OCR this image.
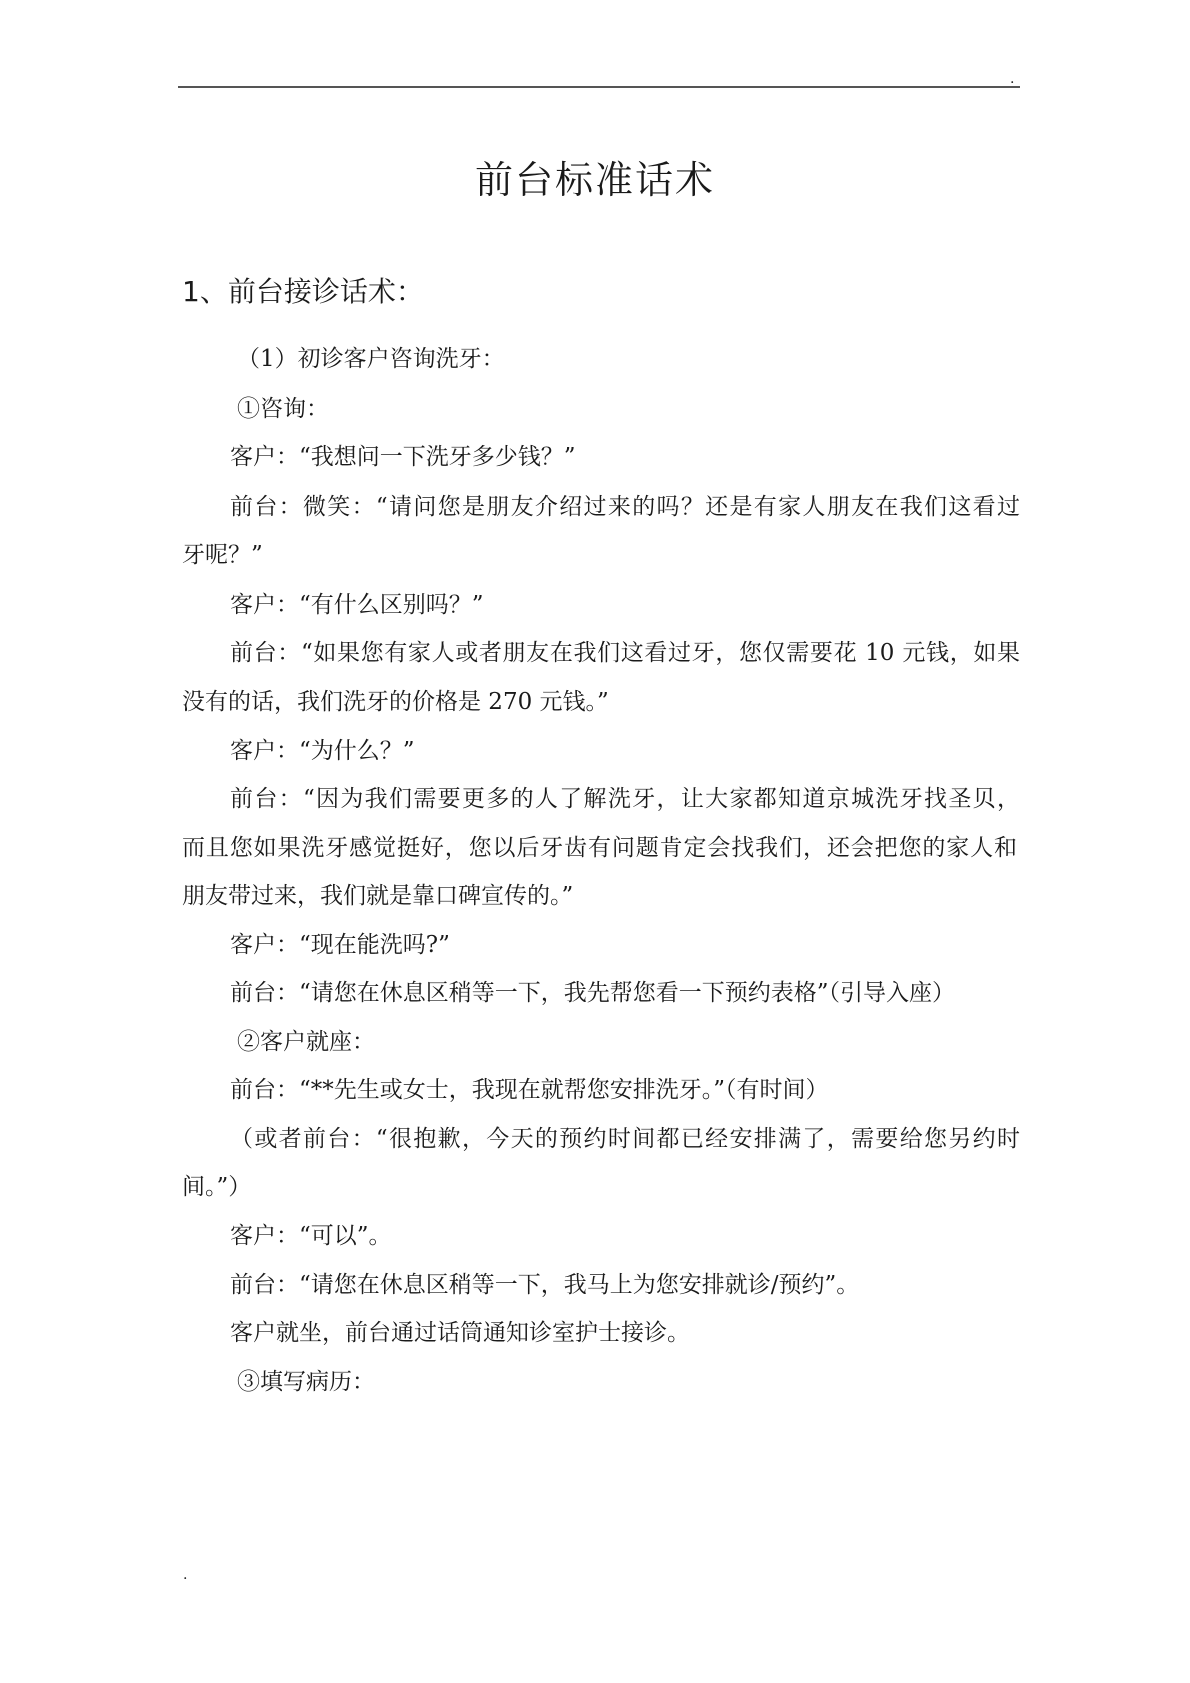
.
前台标准话术
1、前台接诊话术：
（1）初诊客户咨询洗牙：
①咨询：
客户：“我想问一下洗牙多少钱？”
前台：微笑：“请问您是朋友介绍过来的吗？还是有家人朋友在我们这看过
牙呢？”
客户：“有什么区别吗？”
前台：“如果您有家人或者朋友在我们这看过牙，您仅需要花 10 元钱，如果
没有的话，我们洗牙的价格是 270 元钱。”
客户：“为什么？”
前台：“因为我们需要更多的人了解洗牙，让大家都知道京城洗牙找圣贝，
而且您如果洗牙感觉挺好，您以后牙齿有问题肯定会找我们，还会把您的家人和
朋友带过来，我们就是靠口碑宣传的。”
客户：“现在能洗吗?”
前台：“请您在休息区稍等一下，我先帮您看一下预约表格”（引导入座）
②客户就座：
前台：“**先生或女士，我现在就帮您安排洗牙。”（有时间）
（或者前台：“很抱歉，今天的预约时间都已经安排满了，需要给您另约时
间。”）
客户：“可以”。
前台：“请您在休息区稍等一下，我马上为您安排就诊/预约”。
客户就坐，前台通过话筒通知诊室护士接诊。
③填写病历：
.
